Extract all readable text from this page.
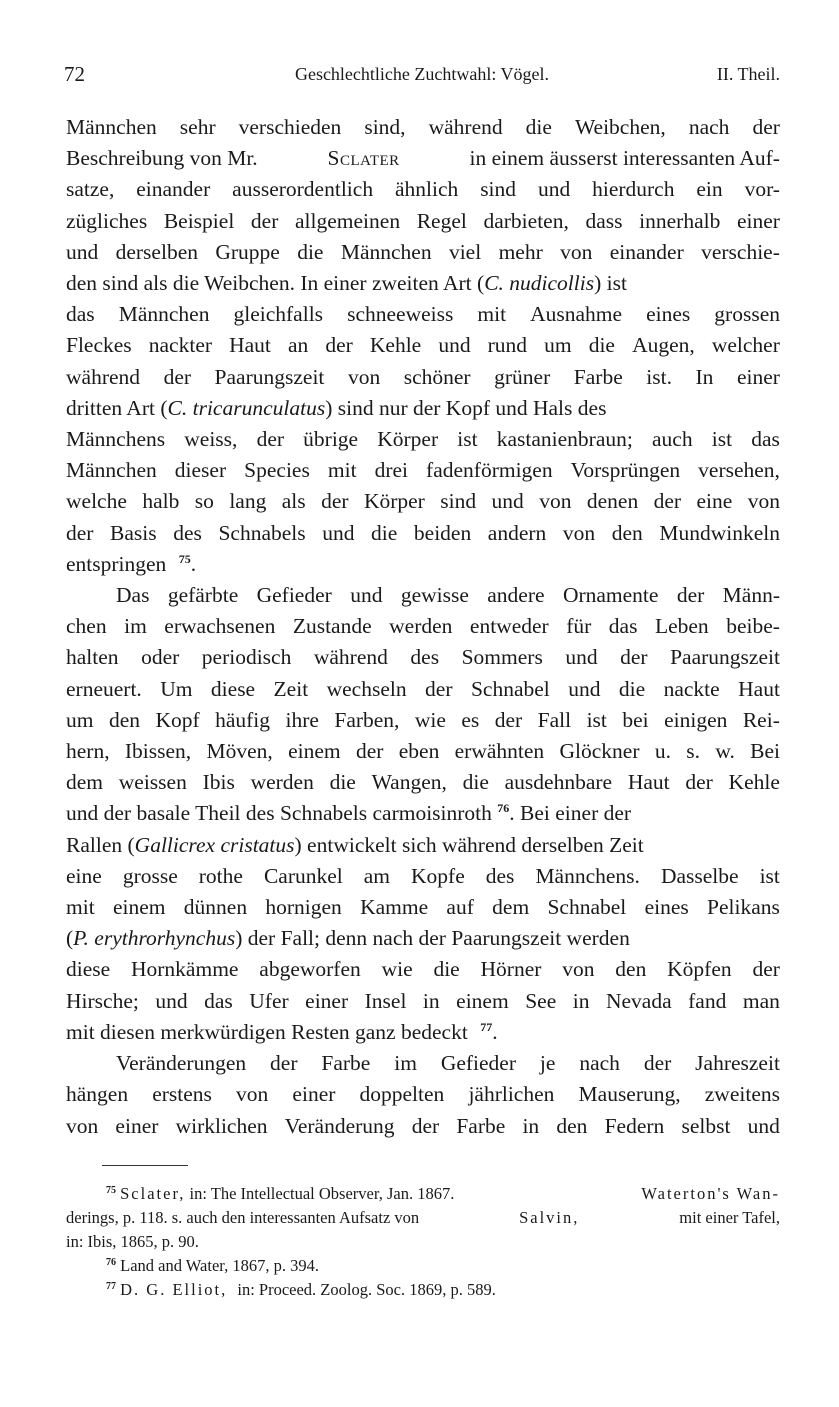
72	Geschlechtliche Zuchtwahl: Vögel.	II. Theil.
Männchen sehr verschieden sind, während die Weibchen, nach der
Beschreibung von Mr.	Sclater	in einem äusserst interessanten Auf-
satze, einander ausserordentlich ähnlich sind und hierdurch ein vor-
zügliches Beispiel der allgemeinen Regel darbieten, dass innerhalb einer
und derselben Gruppe die Männchen viel mehr von einander verschie-
den sind als die Weibchen. In einer zweiten Art (C. nudicollis) ist
das Männchen gleichfalls schneeweiss mit Ausnahme eines grossen
Fleckes nackter Haut an der Kehle und rund um die Augen, welcher
während der Paarungszeit von schöner grüner Farbe ist. In einer
dritten Art (C. tricarunculatus) sind nur der Kopf und Hals des
Männchens weiss, der übrige Körper ist kastanienbraun; auch ist das
Männchen dieser Species mit drei fadenförmigen Vorsprüngen versehen,
welche halb so lang als der Körper sind und von denen der eine von
der Basis des Schnabels und die beiden andern von den Mundwinkeln
entspringen $^{75}$.
Das gefärbte Gefieder und gewisse andere Ornamente der Männ-
chen im erwachsenen Zustande werden entweder für das Leben beibe-
halten oder periodisch während des Sommers und der Paarungszeit
erneuert. Um diese Zeit wechseln der Schnabel und die nackte Haut
um den Kopf häufig ihre Farben, wie es der Fall ist bei einigen Rei-
hern, Ibissen, Möven, einem der eben erwähnten Glöckner u. s. w. Bei
dem weissen Ibis werden die Wangen, die ausdehnbare Haut der Kehle
und der basale Theil des Schnabels carmoisinroth $^{76}$. Bei einer der
Rallen (Gallicrex cristatus) entwickelt sich während derselben Zeit
eine grosse rothe Carunkel am Kopfe des Männchens. Dasselbe ist
mit einem dünnen hornigen Kamme auf dem Schnabel eines Pelikans
(P. erythrorhynchus) der Fall; denn nach der Paarungszeit werden
diese Hornkämme abgeworfen wie die Hörner von den Köpfen der
Hirsche; und das Ufer einer Insel in einem See in Nevada fand man
mit diesen merkwürdigen Resten ganz bedeckt $^{77}$.
Veränderungen der Farbe im Gefieder je nach der Jahreszeit
hängen erstens von einer doppelten jährlichen Mauserung, zweitens
von einer wirklichen Veränderung der Farbe in den Federn selbst und
$^{75}$ Sclater, in: The Intellectual Observer, Jan. 1867.	Waterton's Wan-
derings, p. 118. s. auch den interessanten Aufsatz von	Salvin,	mit einer Tafel,
in: Ibis, 1865, p. 90.
$^{76}$ Land and Water, 1867, p. 394.
$^{77}$ D. G. Elliot, in: Proceed. Zoolog. Soc. 1869, p. 589.
